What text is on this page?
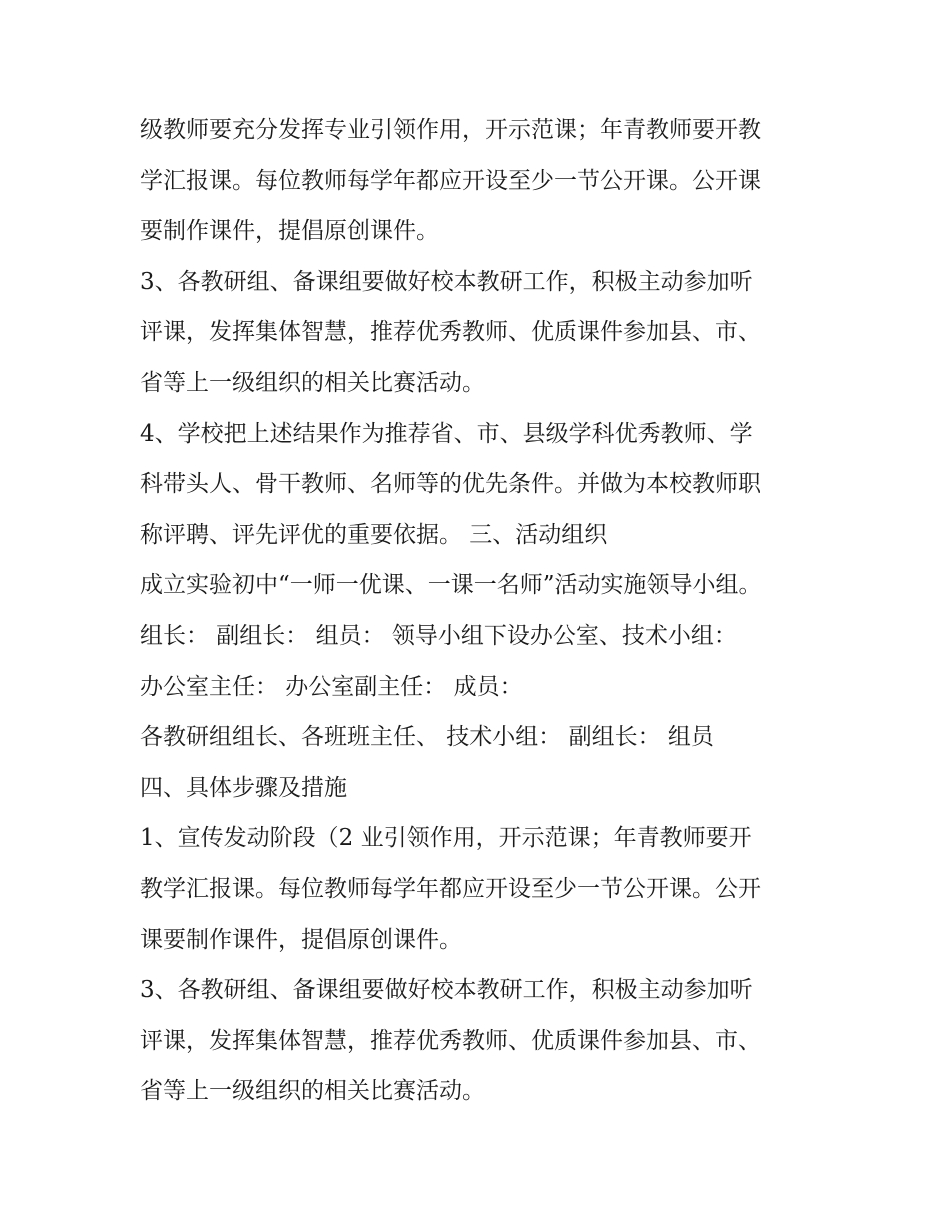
级教师要充分发挥专业引领作用，开示范课；年青教师要开教
学汇报课。每位教师每学年都应开设至少一节公开课。公开课
要制作课件，提倡原创课件。
3、各教研组、备课组要做好校本教研工作，积极主动参加听
评课，发挥集体智慧，推荐优秀教师、优质课件参加县、市、
省等上一级组织的相关比赛活动。
4、学校把上述结果作为推荐省、市、县级学科优秀教师、学
科带头人、骨干教师、名师等的优先条件。并做为本校教师职
称评聘、评先评优的重要依据。 三、活动组织
成立实验初中“一师一优课、一课一名师”活动实施领导小组。
组长： 副组长： 组员： 领导小组下设办公室、技术小组：
办公室主任： 办公室副主任： 成员：
各教研组组长、各班班主任、 技术小组： 副组长： 组员
四、具体步骤及措施
1、宣传发动阶段（2 业引领作用，开示范课；年青教师要开
教学汇报课。每位教师每学年都应开设至少一节公开课。公开
课要制作课件，提倡原创课件。
3、各教研组、备课组要做好校本教研工作，积极主动参加听
评课，发挥集体智慧，推荐优秀教师、优质课件参加县、市、
省等上一级组织的相关比赛活动。
